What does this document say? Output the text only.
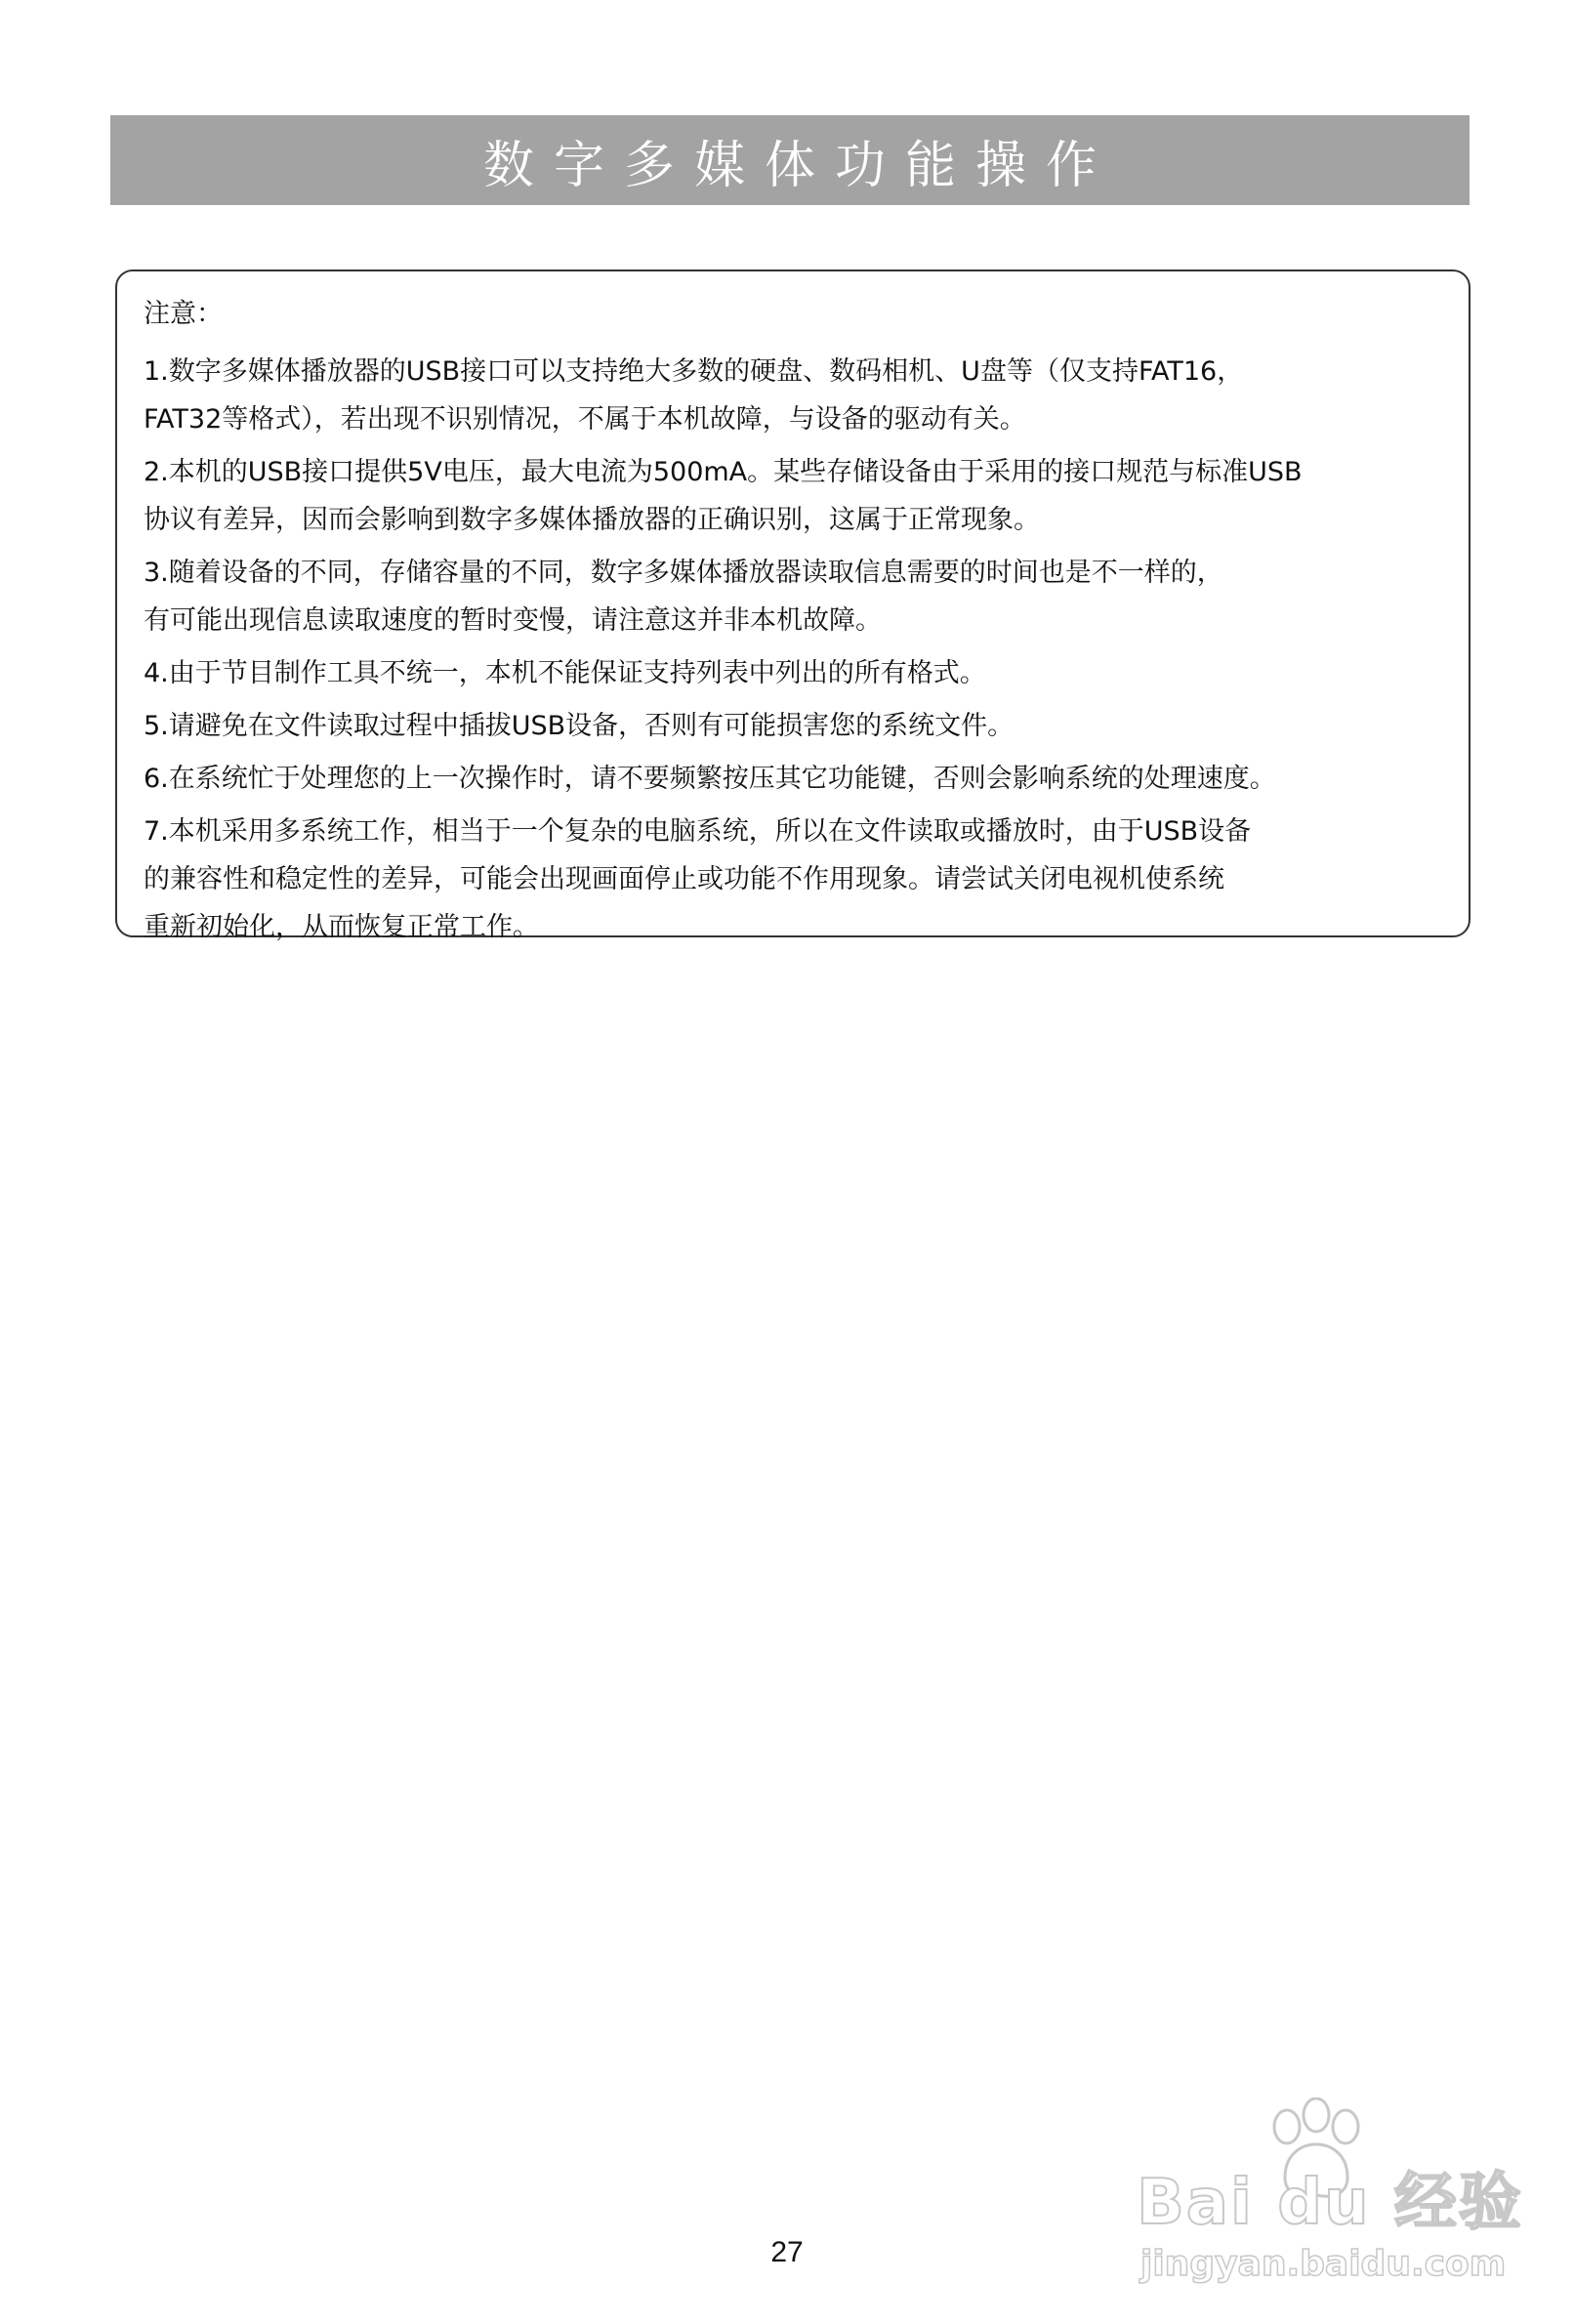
数字多媒体功能操作
注意：
1.数字多媒体播放器的USB接口可以支持绝大多数的硬盘、数码相机、U盘等（仅支持FAT16，
FAT32等格式），若出现不识别情况，不属于本机故障，与设备的驱动有关。
2.本机的USB接口提供5V电压，最大电流为500mA。某些存储设备由于采用的接口规范与标准USB
协议有差异，因而会影响到数字多媒体播放器的正确识别，这属于正常现象。
3.随着设备的不同，存储容量的不同，数字多媒体播放器读取信息需要的时间也是不一样的，
有可能出现信息读取速度的暂时变慢，请注意这并非本机故障。
4.由于节目制作工具不统一，本机不能保证支持列表中列出的所有格式。
5.请避免在文件读取过程中插拔USB设备，否则有可能损害您的系统文件。
6.在系统忙于处理您的上一次操作时，请不要频繁按压其它功能键，否则会影响系统的处理速度。
7.本机采用多系统工作，相当于一个复杂的电脑系统，所以在文件读取或播放时，由于USB设备
的兼容性和稳定性的差异，可能会出现画面停止或功能不作用现象。请尝试关闭电视机使系统
重新初始化，从而恢复正常工作。
27
Bai du 经验
jingyan.baidu.com
